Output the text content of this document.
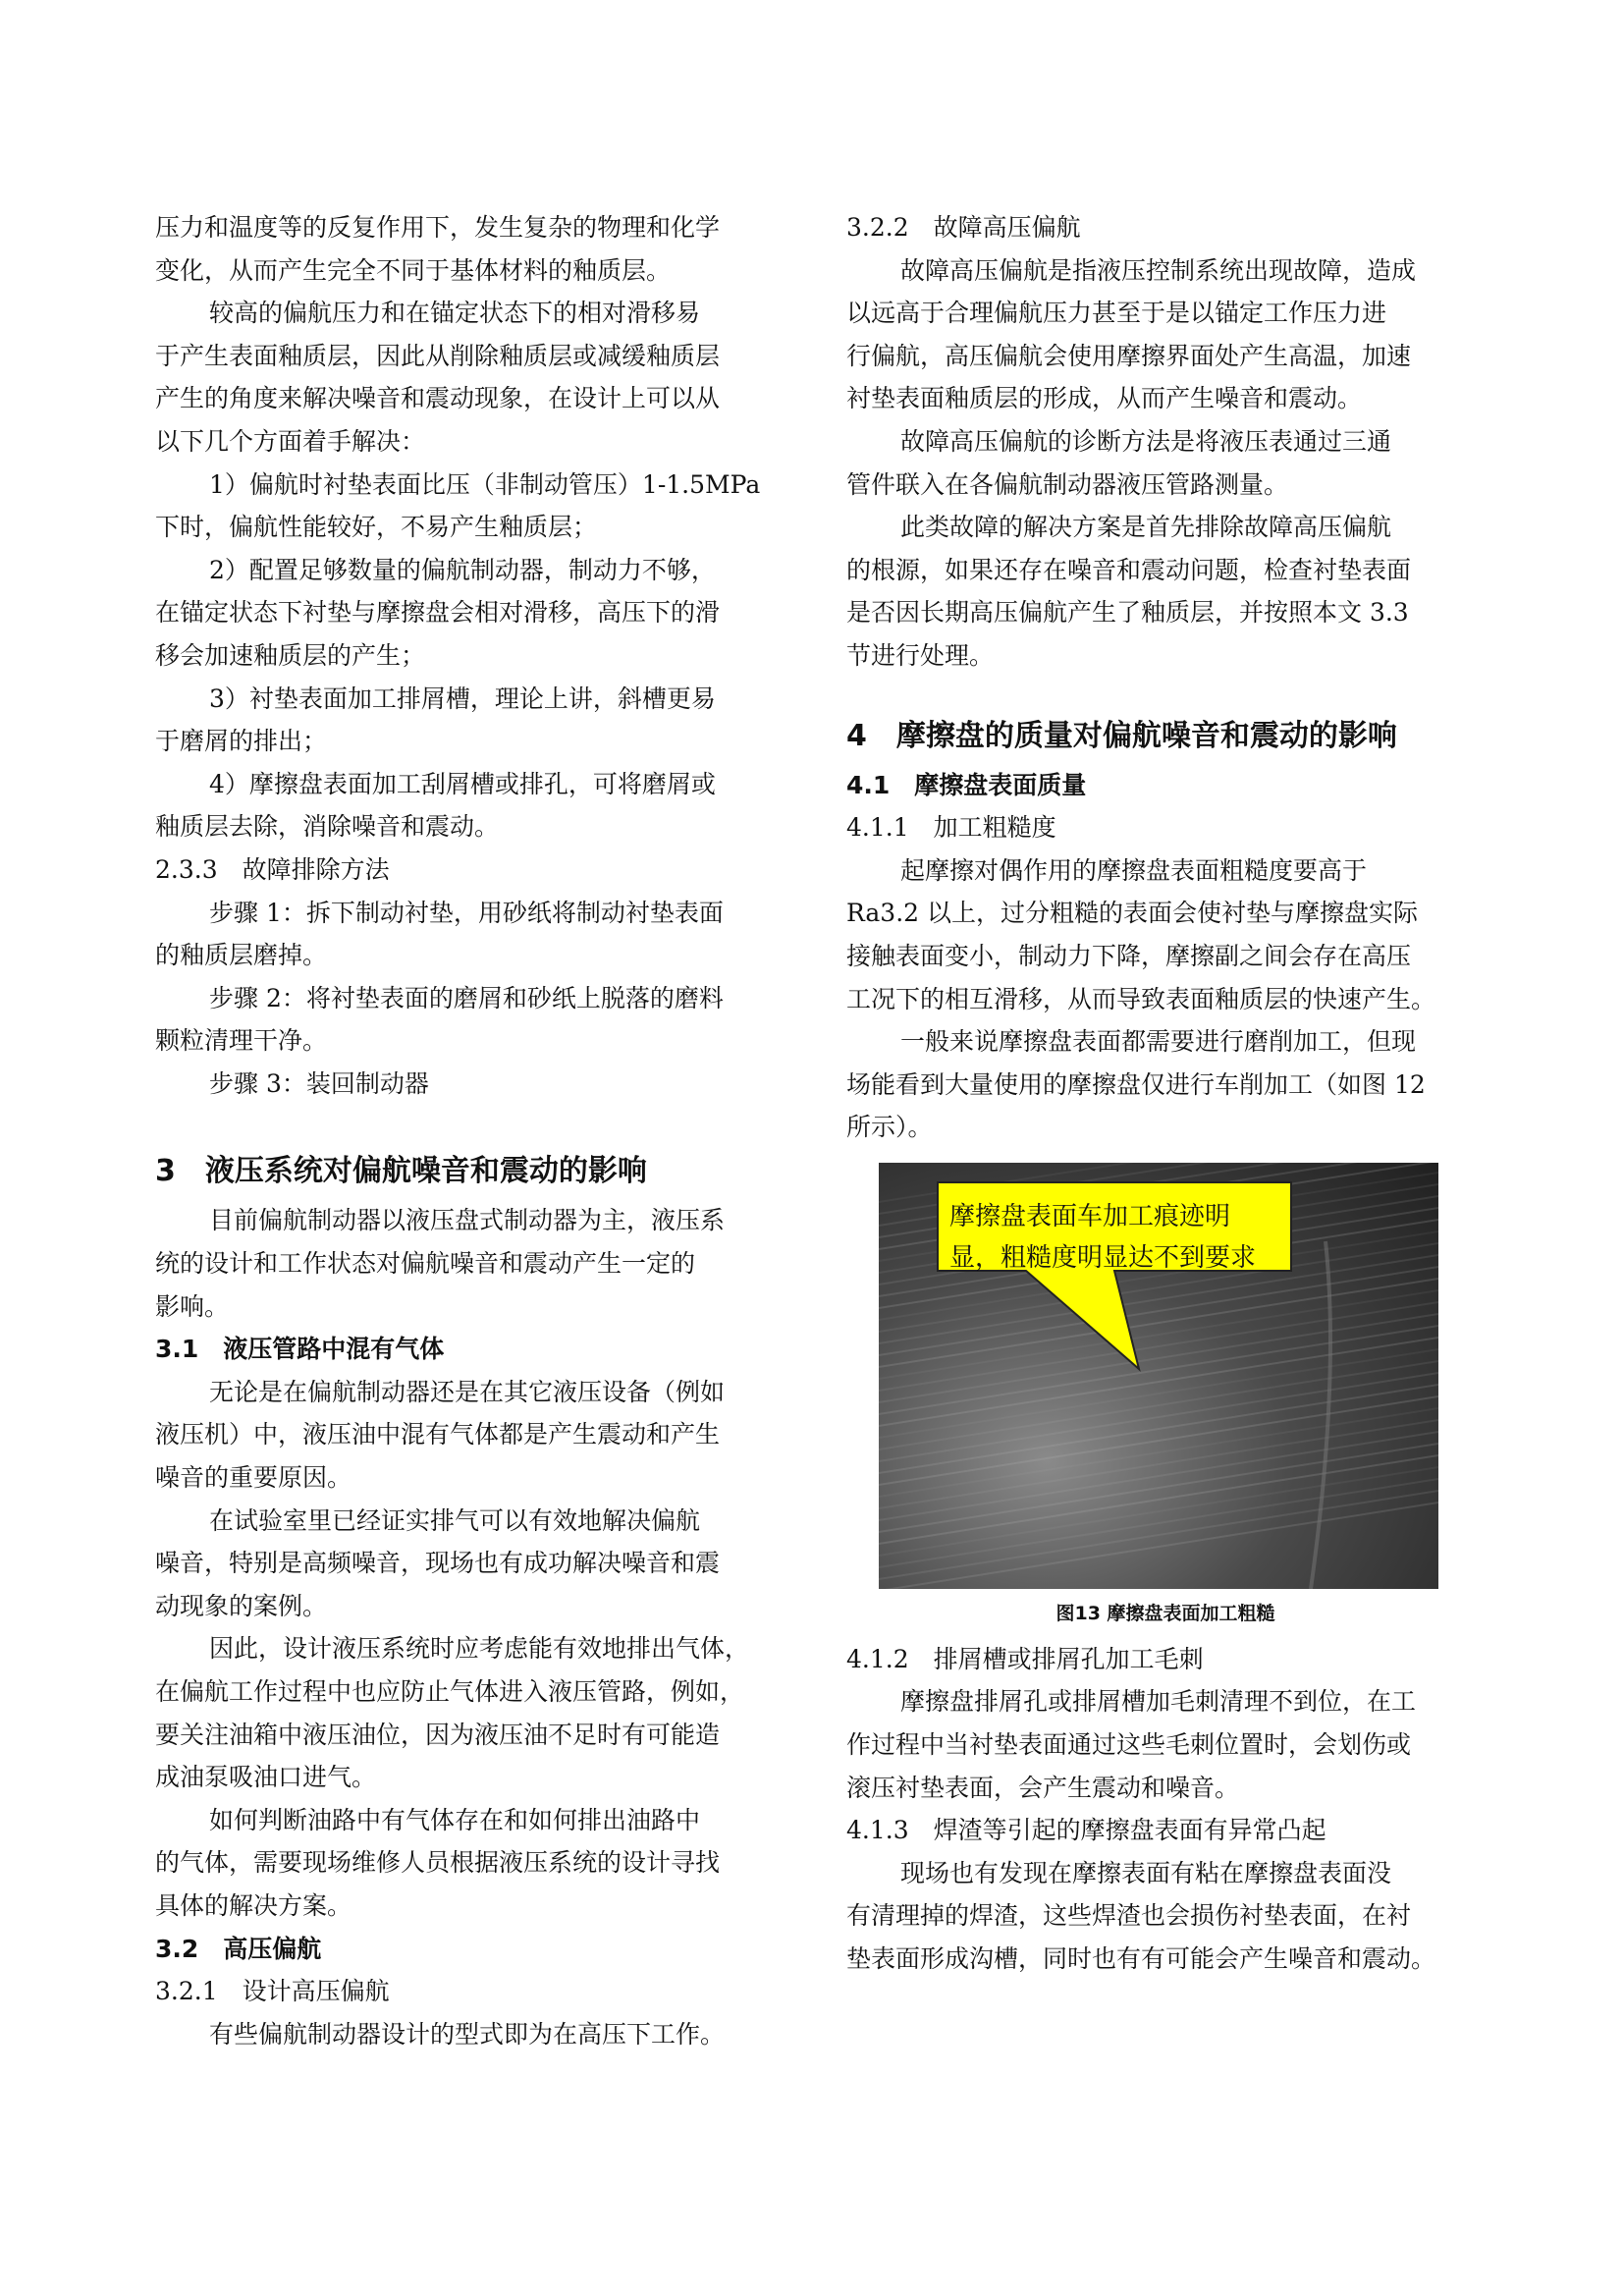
压力和温度等的反复作用下，发生复杂的物理和化学
变化，从而产生完全不同于基体材料的釉质层。
较高的偏航压力和在锚定状态下的相对滑移易
于产生表面釉质层，因此从削除釉质层或减缓釉质层
产生的角度来解决噪音和震动现象，在设计上可以从
以下几个方面着手解决：
1）偏航时衬垫表面比压（非制动管压）1-1.5MPa
下时，偏航性能较好，不易产生釉质层；
2）配置足够数量的偏航制动器，制动力不够，
在锚定状态下衬垫与摩擦盘会相对滑移，高压下的滑
移会加速釉质层的产生；
3）衬垫表面加工排屑槽，理论上讲，斜槽更易
于磨屑的排出；
4）摩擦盘表面加工刮屑槽或排孔，可将磨屑或
釉质层去除，消除噪音和震动。
2.3.3　故障排除方法
步骤 1：拆下制动衬垫，用砂纸将制动衬垫表面
的釉质层磨掉。
步骤 2：将衬垫表面的磨屑和砂纸上脱落的磨料
颗粒清理干净。
步骤 3：装回制动器
3　液压系统对偏航噪音和震动的影响
目前偏航制动器以液压盘式制动器为主，液压系
统的设计和工作状态对偏航噪音和震动产生一定的
影响。
3.1　液压管路中混有气体
无论是在偏航制动器还是在其它液压设备（例如
液压机）中，液压油中混有气体都是产生震动和产生
噪音的重要原因。
在试验室里已经证实排气可以有效地解决偏航
噪音，特别是高频噪音，现场也有成功解决噪音和震
动现象的案例。
因此，设计液压系统时应考虑能有效地排出气体，
在偏航工作过程中也应防止气体进入液压管路，例如，
要关注油箱中液压油位，因为液压油不足时有可能造
成油泵吸油口进气。
如何判断油路中有气体存在和如何排出油路中
的气体，需要现场维修人员根据液压系统的设计寻找
具体的解决方案。
3.2　高压偏航
3.2.1　设计高压偏航
有些偏航制动器设计的型式即为在高压下工作。
3.2.2　故障高压偏航
故障高压偏航是指液压控制系统出现故障，造成
以远高于合理偏航压力甚至于是以锚定工作压力进
行偏航，高压偏航会使用摩擦界面处产生高温，加速
衬垫表面釉质层的形成，从而产生噪音和震动。
故障高压偏航的诊断方法是将液压表通过三通
管件联入在各偏航制动器液压管路测量。
此类故障的解决方案是首先排除故障高压偏航
的根源，如果还存在噪音和震动问题，检查衬垫表面
是否因长期高压偏航产生了釉质层，并按照本文 3.3
节进行处理。
4　摩擦盘的质量对偏航噪音和震动的影响
4.1　摩擦盘表面质量
4.1.1　加工粗糙度
起摩擦对偶作用的摩擦盘表面粗糙度要高于
Ra3.2 以上，过分粗糙的表面会使衬垫与摩擦盘实际
接触表面变小，制动力下降，摩擦副之间会存在高压
工况下的相互滑移，从而导致表面釉质层的快速产生。
一般来说摩擦盘表面都需要进行磨削加工，但现
场能看到大量使用的摩擦盘仅进行车削加工（如图 12
所示）。
摩擦盘表面车加工痕迹明
显，粗糙度明显达不到要求
图13 摩擦盘表面加工粗糙
4.1.2　排屑槽或排屑孔加工毛刺
摩擦盘排屑孔或排屑槽加毛刺清理不到位，在工
作过程中当衬垫表面通过这些毛刺位置时，会划伤或
滚压衬垫表面，会产生震动和噪音。
4.1.3　焊渣等引起的摩擦盘表面有异常凸起
现场也有发现在摩擦表面有粘在摩擦盘表面没
有清理掉的焊渣，这些焊渣也会损伤衬垫表面，在衬
垫表面形成沟槽，同时也有有可能会产生噪音和震动。
